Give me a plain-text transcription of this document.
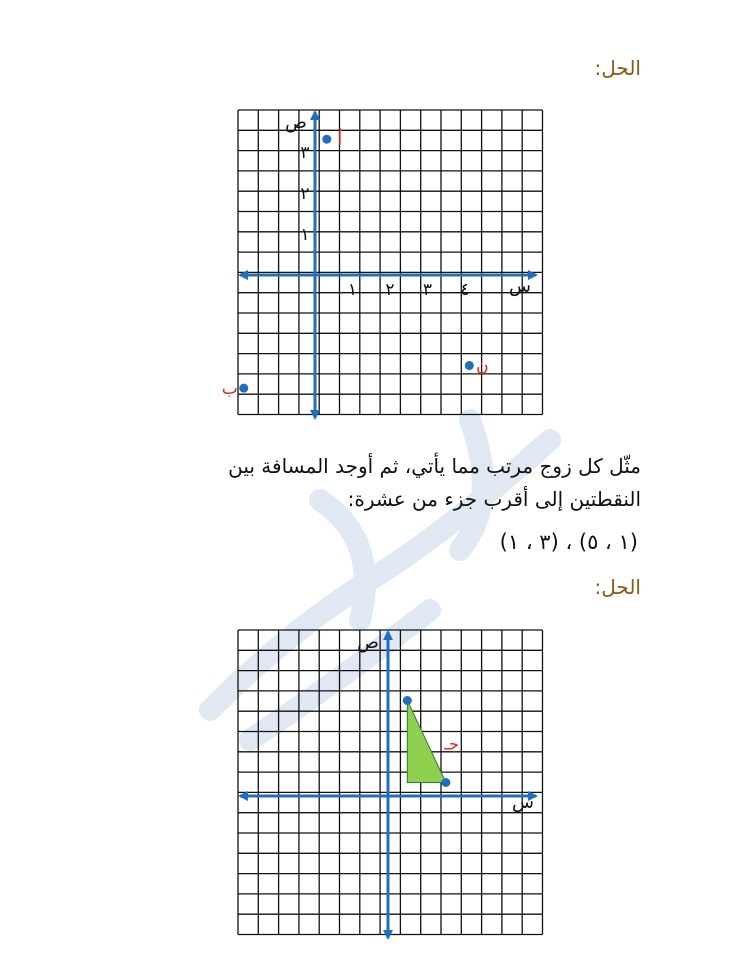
الحل:
ص
س
١
٢
٣
١ ٢ ٣ ٤
أ
ب
ن
مثّل كل زوج مرتب مما يأتي، ثم أوجد المسافة بين
النقطتين إلى أقرب جزء من عشرة:
(١ ، ٥) ، (٣ ، ١)
الحل:
ص
س
جـ
